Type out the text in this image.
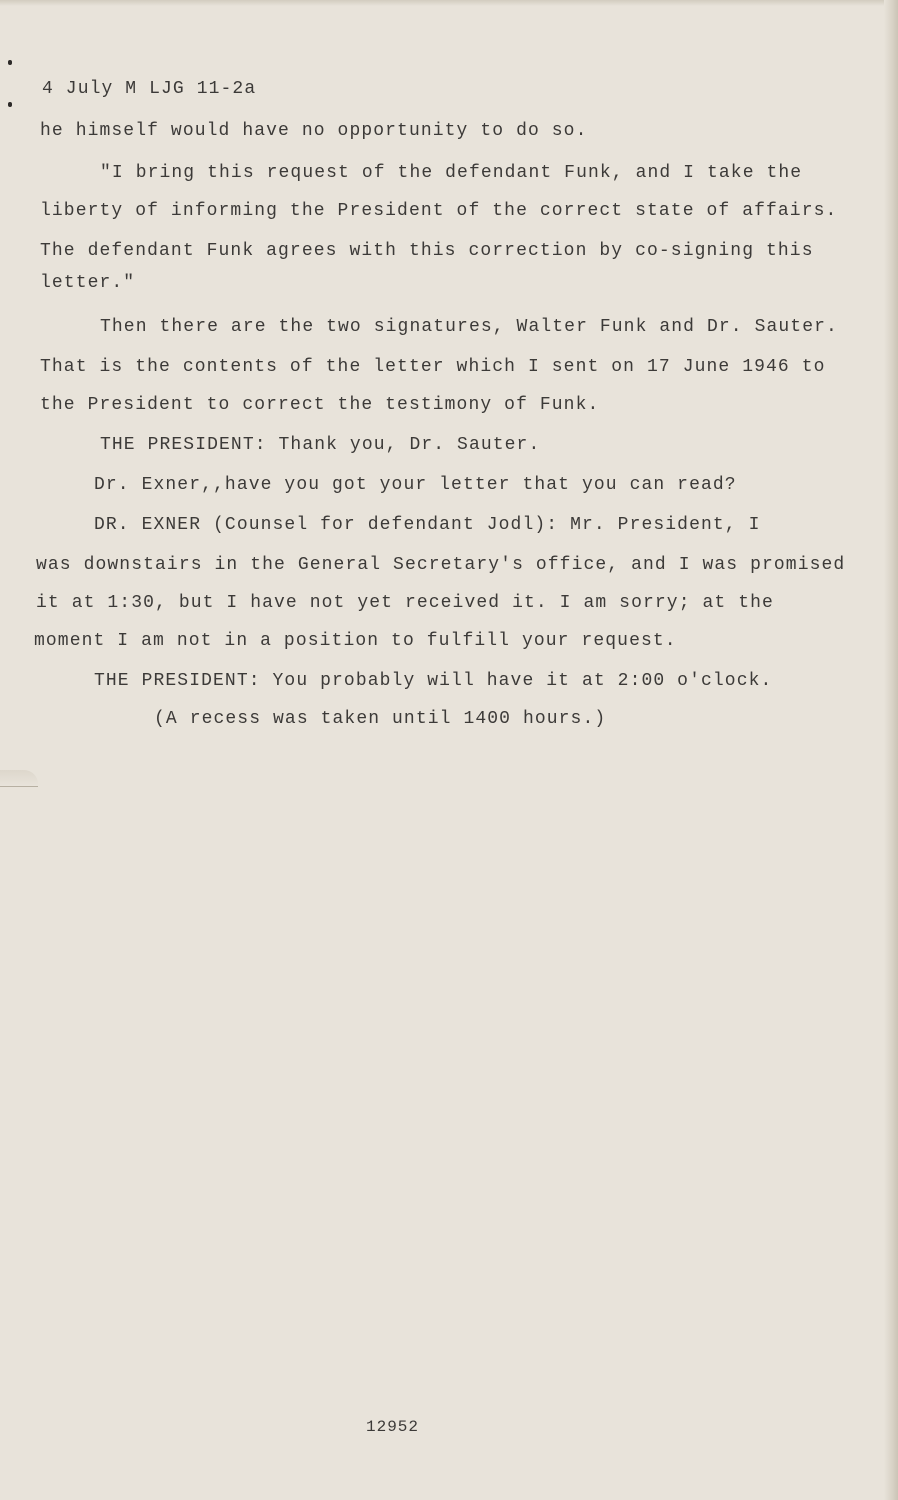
4 July M LJG 11-2a
he himself would have no opportunity to do so.
"I bring this request of the defendant Funk, and I take the
liberty of informing the President of the correct state of affairs.
The defendant Funk agrees with this correction by co-signing this
letter."
Then there are the two signatures, Walter Funk and Dr. Sauter.
That is the contents of the letter which I sent on 17 June 1946 to
the President to correct the testimony of Funk.
THE PRESIDENT: Thank you, Dr. Sauter.
Dr. Exner,,have you got your letter that you can read?
DR. EXNER (Counsel for defendant Jodl): Mr. President, I
was downstairs in the General Secretary's office, and I was promised
it at 1:30, but I have not yet received it. I am sorry; at the
moment I am not in a position to fulfill your request.
THE PRESIDENT: You probably will have it at 2:00 o'clock.
(A recess was taken until 1400 hours.)
12952
